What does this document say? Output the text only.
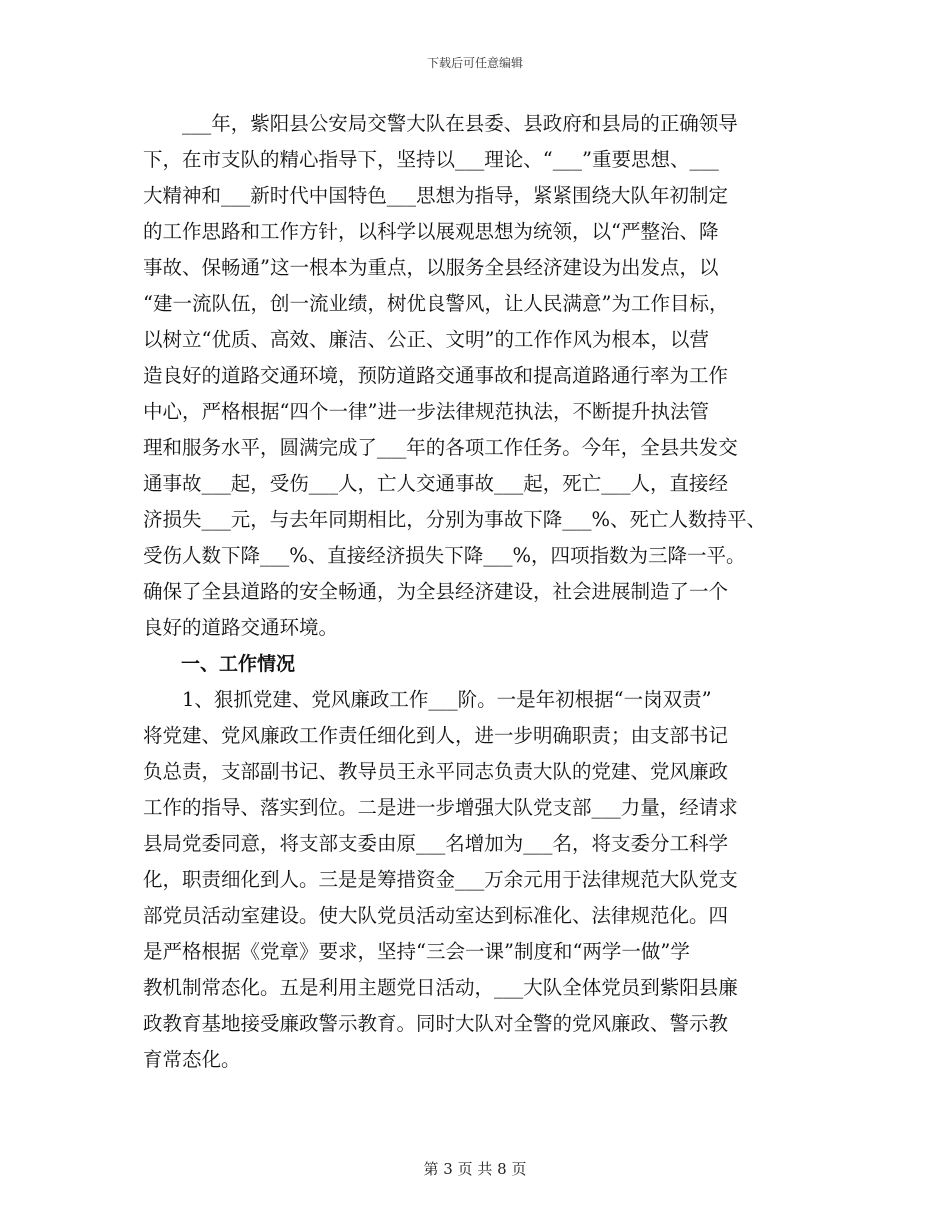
下载后可任意编辑
　　___年，紫阳县公安局交警大队在县委、县政府和县局的正确领导
下，在市支队的精心指导下，坚持以___理论、“___”重要思想、___
大精神和___新时代中国特色___思想为指导，紧紧围绕大队年初制定
的工作思路和工作方针，以科学以展观思想为统领，以“严整治、降
事故、保畅通”这一根本为重点，以服务全县经济建设为出发点，以
“建一流队伍，创一流业绩，树优良警风，让人民满意”为工作目标，
以树立“优质、高效、廉洁、公正、文明”的工作作风为根本，以营
造良好的道路交通环境，预防道路交通事故和提高道路通行率为工作
中心，严格根据“四个一律”进一步法律规范执法，不断提升执法管
理和服务水平，圆满完成了___年的各项工作任务。今年，全县共发交
通事故___起，受伤___人，亡人交通事故___起，死亡___人，直接经
济损失___元，与去年同期相比，分别为事故下降___%、死亡人数持平、
受伤人数下降___%、直接经济损失下降___%，四项指数为三降一平。
确保了全县道路的安全畅通，为全县经济建设，社会进展制造了一个
良好的道路交通环境。
　　一、工作情况
　　1、狠抓党建、党风廉政工作___阶。一是年初根据“一岗双责”
将党建、党风廉政工作责任细化到人，进一步明确职责；由支部书记
负总责，支部副书记、教导员王永平同志负责大队的党建、党风廉政
工作的指导、落实到位。二是进一步增强大队党支部___力量，经请求
县局党委同意，将支部支委由原___名增加为___名，将支委分工科学
化，职责细化到人。三是是筹措资金___万余元用于法律规范大队党支
部党员活动室建设。使大队党员活动室达到标准化、法律规范化。四
是严格根据《党章》要求，坚持“三会一课”制度和“两学一做”学
教机制常态化。五是利用主题党日活动，___大队全体党员到紫阳县廉
政教育基地接受廉政警示教育。同时大队对全警的党风廉政、警示教
育常态化。
第 3 页 共 8 页
